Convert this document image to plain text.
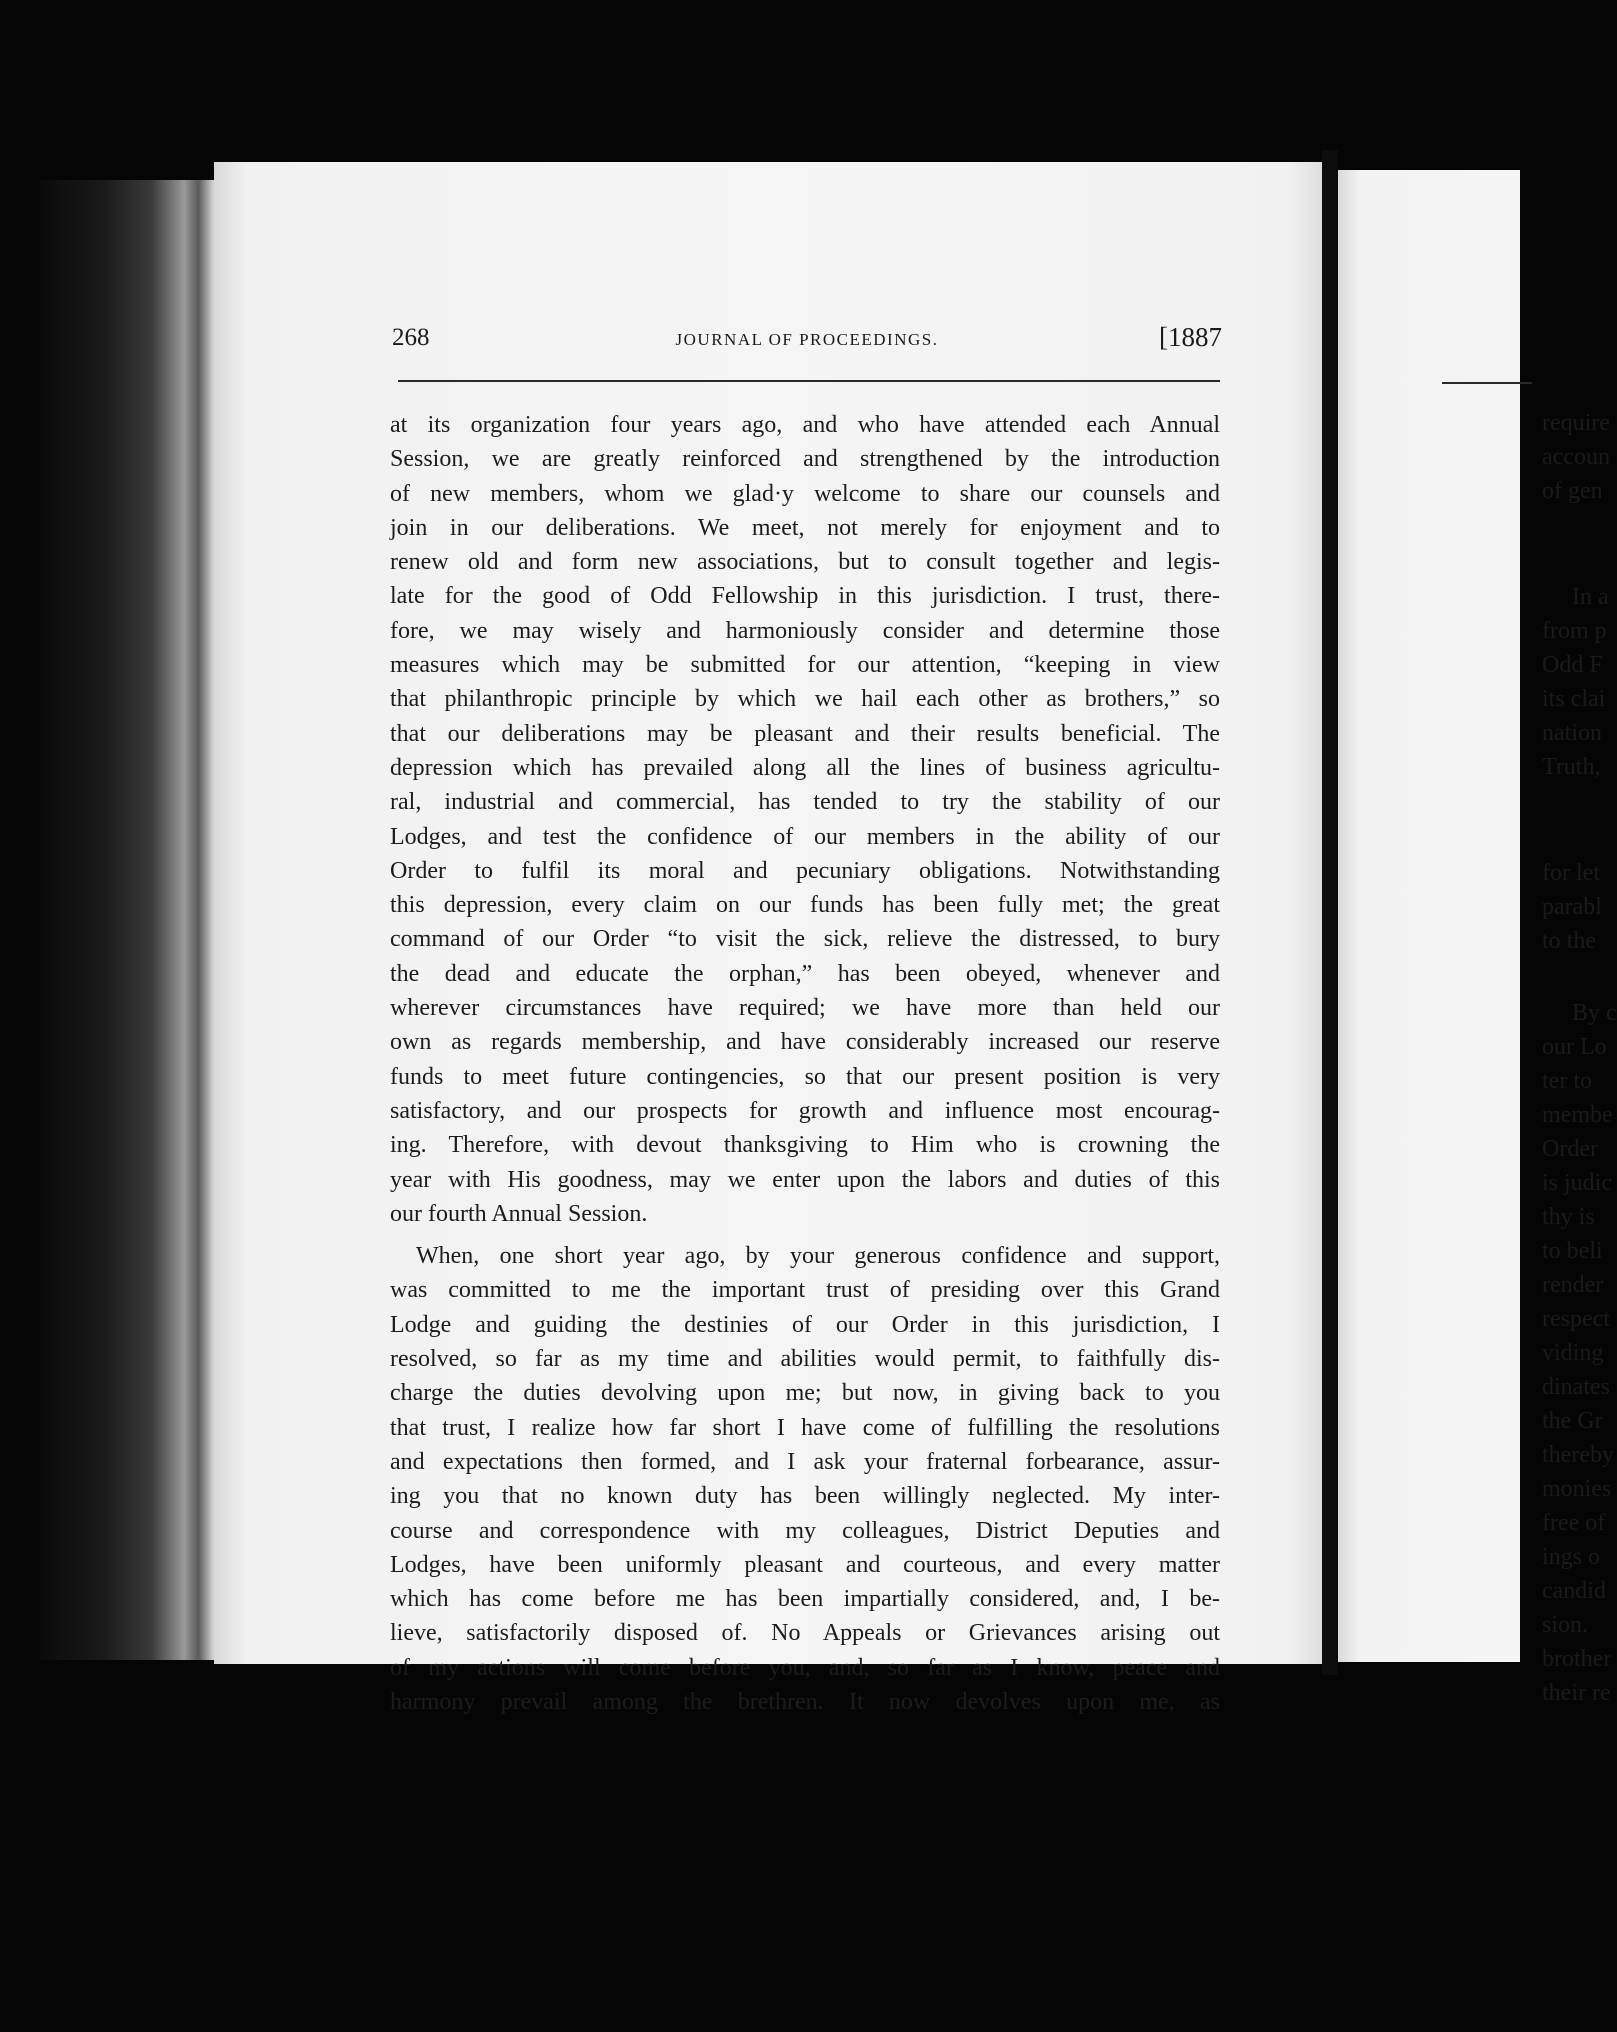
require
accoun
of gen
In a
from p
Odd F
its clai
nation
Truth,
for let
parabl
to the
By c
our Lo
ter to
membe
Order
is judic
thy is
to beli
render
respect
viding
dinates
the Gr
thereby
monies
free of
ings o
candid
sion.
brother
their re
268	JOURNAL OF PROCEEDINGS.	[1887
at its organization four years ago, and who have attended each Annual
Session, we are greatly reinforced and strengthened by the introduction
of new members, whom we glad·y welcome to share our counsels and
join in our deliberations. We meet, not merely for enjoyment and to
renew old and form new associations, but to consult together and legis-
late for the good of Odd Fellowship in this jurisdiction. I trust, there-
fore, we may wisely and harmoniously consider and determine those
measures which may be submitted for our attention, “keeping in view
that philanthropic principle by which we hail each other as brothers,” so
that our deliberations may be pleasant and their results beneficial. The
depression which has prevailed along all the lines of business agricultu-
ral, industrial and commercial, has tended to try the stability of our
Lodges, and test the confidence of our members in the ability of our
Order to fulfil its moral and pecuniary obligations. Notwithstanding
this depression, every claim on our funds has been fully met; the great
command of our Order “to visit the sick, relieve the distressed, to bury
the dead and educate the orphan,” has been obeyed, whenever and
wherever circumstances have required; we have more than held our
own as regards membership, and have considerably increased our reserve
funds to meet future contingencies, so that our present position is very
satisfactory, and our prospects for growth and influence most encourag-
ing. Therefore, with devout thanksgiving to Him who is crowning the
year with His goodness, may we enter upon the labors and duties of this
our fourth Annual Session.
When, one short year ago, by your generous confidence and support,
was committed to me the important trust of presiding over this Grand
Lodge and guiding the destinies of our Order in this jurisdiction, I
resolved, so far as my time and abilities would permit, to faithfully dis-
charge the duties devolving upon me; but now, in giving back to you
that trust, I realize how far short I have come of fulfilling the resolutions
and expectations then formed, and I ask your fraternal forbearance, assur-
ing you that no known duty has been willingly neglected. My inter-
course and correspondence with my colleagues, District Deputies and
Lodges, have been uniformly pleasant and courteous, and every matter
which has come before me has been impartially considered, and, I be-
lieve, satisfactorily disposed of. No Appeals or Grievances arising out
of my actions will come before you, and, so far as I know, peace and
harmony prevail among the brethren. It now devolves upon me, as
